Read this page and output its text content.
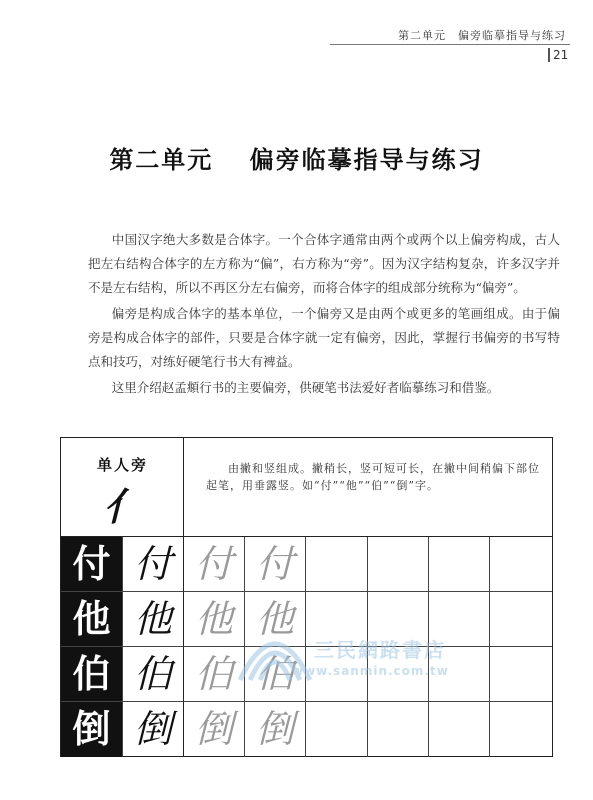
第二单元　偏旁临摹指导与练习
21
第二单元　 偏旁临摹指导与练习

中国汉字绝大多数是合体字。一个合体字通常由两个或两个以上偏旁构成，古人把左右结构合体字的左方称为“偏”，右方称为“旁”。因为汉字结构复杂，许多汉字并不是左右结构，所以不再区分左右偏旁，而将合体字的组成部分统称为“偏旁”。

偏旁是构成合体字的基本单位，一个偏旁又是由两个或更多的笔画组成。由于偏旁是构成合体字的部件，只要是合体字就一定有偏旁，因此，掌握行书偏旁的书写特点和技巧，对练好硬笔行书大有裨益。

这里介绍赵孟頫行书的主要偏旁，供硬笔书法爱好者临摹练习和借鉴。

单人旁
亻
由撇和竖组成。撇稍长，竖可短可长，在撇中间稍偏下部位起笔，用垂露竖。如“付”“他”“伯”“倒”字。
付 付 付 付
他 他 他 他
伯 伯 伯 伯
倒 倒 倒 倒
三民網路書店
www.sanmin.com.tw
